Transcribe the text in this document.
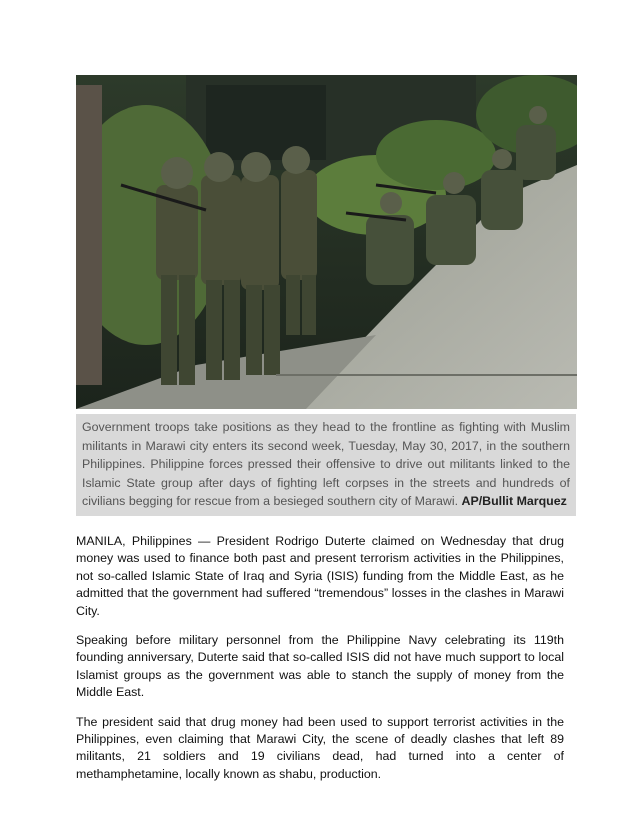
Government troops take positions as they head to the frontline as fighting with Muslim militants in Marawi city enters its second week, Tuesday, May 30, 2017, in the southern Philippines. Philippine forces pressed their offensive to drive out militants linked to the Islamic State group after days of fighting left corpses in the streets and hundreds of civilians begging for rescue from a besieged southern city of Marawi. AP/Bullit Marquez

MANILA, Philippines — President Rodrigo Duterte claimed on Wednesday that drug money was used to finance both past and present terrorism activities in the Philippines, not so-called Islamic State of Iraq and Syria (ISIS) funding from the Middle East, as he admitted that the government had suffered “tremendous” losses in the clashes in Marawi City.

Speaking before military personnel from the Philippine Navy celebrating its 119th founding anniversary, Duterte said that so-called ISIS did not have much support to local Islamist groups as the government was able to stanch the supply of money from the Middle East.

The president said that drug money had been used to support terrorist activities in the Philippines, even claiming that Marawi City, the scene of deadly clashes that left 89 militants, 21 soldiers and 19 civilians dead, had turned into a center of methamphetamine, locally known as shabu, production.
